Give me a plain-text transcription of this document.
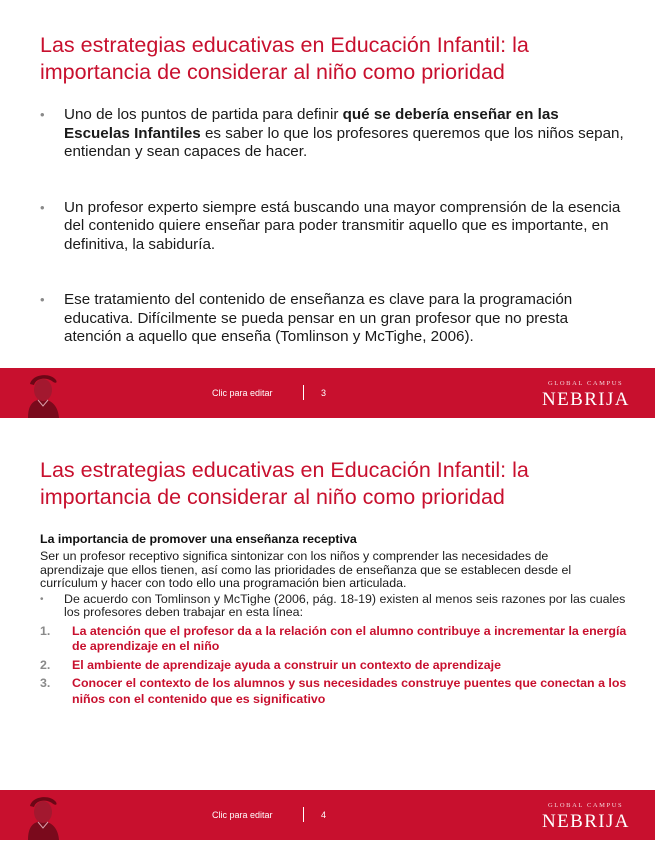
Las estrategias educativas en Educación Infantil: la importancia de considerar al niño como prioridad
• Uno de los puntos de partida para definir qué se debería enseñar en las Escuelas Infantiles es saber lo que los profesores queremos que los niños sepan, entiendan y sean capaces de hacer.
• Un profesor experto siempre está buscando una mayor comprensión de la esencia del contenido quiere enseñar para poder transmitir aquello que es importante, en definitiva, la sabiduría.
• Ese tratamiento del contenido de enseñanza es clave para la programación educativa. Difícilmente se pueda pensar en un gran profesor que no presta atención a aquello que enseña (Tomlinson y McTighe, 2006).
Clic para editar	3
GLOBAL CAMPUS
NEBRIJA
Las estrategias educativas en Educación Infantil: la importancia de considerar al niño como prioridad
La importancia de promover una enseñanza receptiva

Ser un profesor receptivo significa sintonizar con los niños y comprender las necesidades de aprendizaje que ellos tienen, así como las prioridades de enseñanza que se establecen desde el currículum y hacer con todo ello una programación bien articulada.

• De acuerdo con Tomlinson y McTighe (2006, pág. 18-19) existen al menos seis razones por las cuales los profesores deben trabajar en esta línea:
1. La atención que el profesor da a la relación con el alumno contribuye a incrementar la energía de aprendizaje en el niño
2. El ambiente de aprendizaje ayuda a construir un contexto de aprendizaje
3. Conocer el contexto de los alumnos y sus necesidades construye puentes que conectan a los niños con el contenido que es significativo
Clic para editar	4
GLOBAL CAMPUS
NEBRIJA
